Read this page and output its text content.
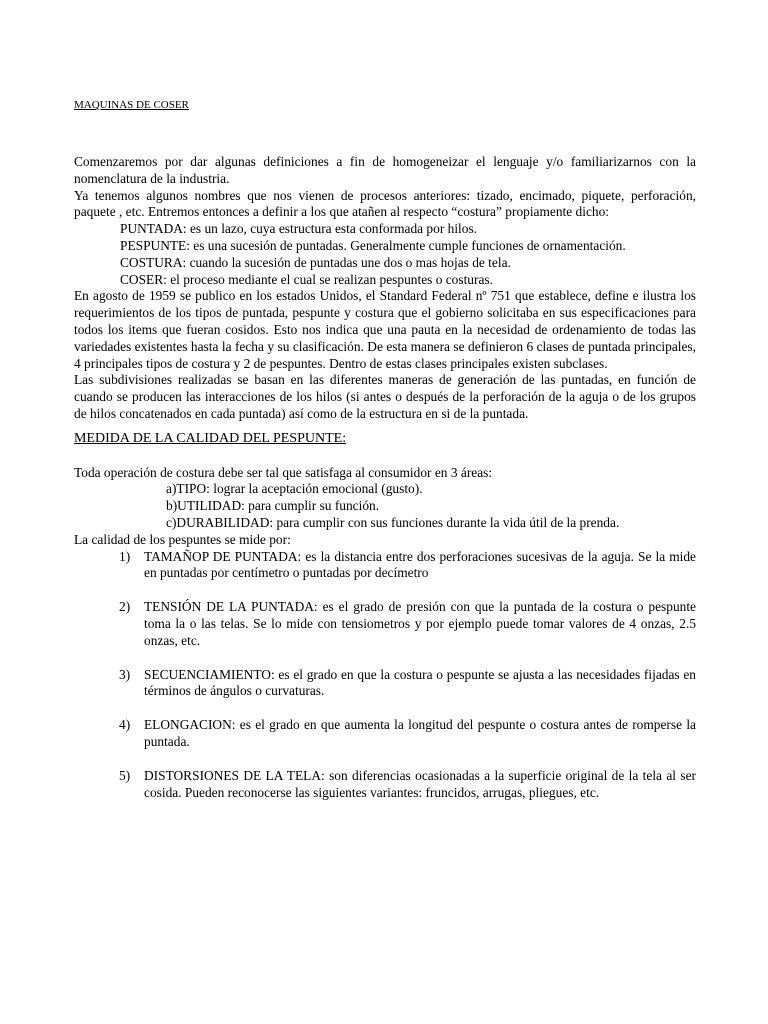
MAQUINAS DE COSER

Comenzaremos por dar algunas definiciones a fin de homogeneizar el lenguaje y/o familiarizarnos con la nomenclatura de la industria.

Ya tenemos algunos nombres que nos vienen de procesos anteriores: tizado, encimado, piquete, perforación, paquete , etc. Entremos entonces a definir a los que atañen al respecto “costura” propiamente dicho:

PUNTADA: es un lazo, cuya estructura esta conformada por hilos.

PESPUNTE: es una sucesión de puntadas. Generalmente cumple funciones de ornamentación.

COSTURA: cuando la sucesión de puntadas une dos o mas hojas de tela.

COSER: el proceso mediante el cual se realizan pespuntes o costuras.

En agosto de 1959 se publico en los estados Unidos, el Standard Federal nº 751 que establece, define e ilustra los requerimientos de los tipos de puntada, pespunte y costura que el gobierno solicitaba en sus especificaciones para todos los items que fueran cosidos. Esto nos indica que una pauta en la necesidad de ordenamiento de todas las variedades existentes hasta la fecha y su clasificación. De esta manera se definieron 6 clases de puntada principales, 4 principales tipos de costura y 2 de pespuntes. Dentro de estas clases principales existen subclases.

Las subdivisiones realizadas se basan en las diferentes maneras de generación de las puntadas, en función de cuando se producen las interacciones de los hilos (si antes o después de la perforación de la aguja o de los grupos de hilos concatenados en cada puntada) así como de la estructura en si de la puntada.

MEDIDA DE LA CALIDAD DEL PESPUNTE:

Toda operación de costura debe ser tal que satisfaga al consumidor en 3 áreas:

a)TIPO: lograr la aceptación emocional (gusto).

b)UTILIDAD: para cumplir su función.

c)DURABILIDAD: para cumplir con sus funciones durante la vida útil de la prenda.

La calidad de los pespuntes se mide por:

1) TAMAÑOP DE PUNTADA: es la distancia entre dos perforaciones sucesivas de la aguja. Se la mide en puntadas por centímetro o puntadas por decímetro
2) TENSIÓN DE LA PUNTADA: es el grado de presión con que la puntada de la costura o pespunte toma la o las telas. Se lo mide con tensiometros y por ejemplo puede tomar valores de 4 onzas, 2.5 onzas, etc.
3) SECUENCIAMIENTO: es el grado en que la costura o pespunte se ajusta a las necesidades fijadas en términos de ángulos o curvaturas.
4) ELONGACION: es el grado en que aumenta la longitud del pespunte o costura antes de romperse la puntada.
5) DISTORSIONES DE LA TELA: son diferencias ocasionadas a la superficie original de la tela al ser cosida. Pueden reconocerse las siguientes variantes: fruncidos, arrugas, pliegues, etc.
